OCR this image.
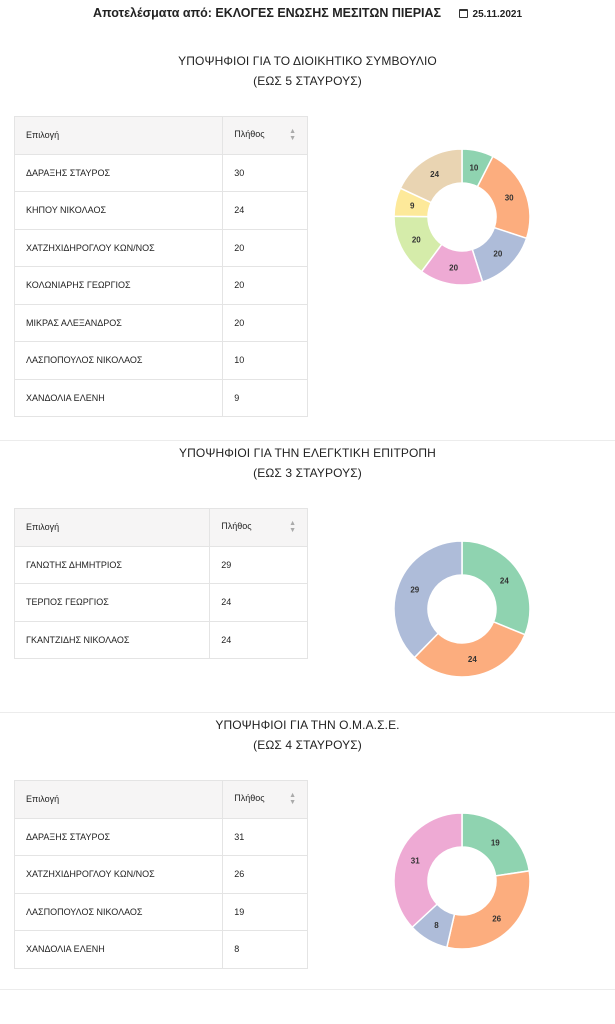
Αποτελέσματα από: ΕΚΛΟΓΕΣ ΕΝΩΣΗΣ ΜΕΣΙΤΩΝ ΠΙΕΡΙΑΣ	25.11.2021
ΥΠΟΨΗΦΙΟΙ ΓΙΑ ΤΟ ΔΙΟΙΚΗΤΙΚΟ ΣΥΜΒΟΥΛΙΟ
(ΕΩΣ 5 ΣΤΑΥΡΟΥΣ)
Επιλογή	Πλήθος ▲
▼

ΔΑΡΑΞΗΣ ΣΤΑΥΡΟΣ	30
ΚΗΠΟΥ ΝΙΚΟΛΑΟΣ	24
ΧΑΤΖΗΧΙΔΗΡΟΓΛΟΥ ΚΩΝ/ΝΟΣ	20
ΚΟΛΩΝΙΑΡΗΣ ΓΕΩΡΓΙΟΣ	20
ΜΙΚΡΑΣ ΑΛΕΞΑΝΔΡΟΣ	20
ΛΑΣΠΟΠΟΥΛΟΣ ΝΙΚΟΛΑΟΣ	10
ΧΑΝΔΟΛΙΑ ΕΛΕΝΗ	9
10
30
20
20
20
9
24
ΥΠΟΨΗΦΙΟΙ ΓΙΑ ΤΗΝ ΕΛΕΓΚΤΙΚΗ ΕΠΙΤΡΟΠΗ
(ΕΩΣ 3 ΣΤΑΥΡΟΥΣ)
Επιλογή	Πλήθος ▲
▼

ΓΑΝΩΤΗΣ ΔΗΜΗΤΡΙΟΣ	29
ΤΕΡΠΟΣ ΓΕΩΡΓΙΟΣ	24
ΓΚΑΝΤΖΙΔΗΣ ΝΙΚΟΛΑΟΣ	24
24
24
29
ΥΠΟΨΗΦΙΟΙ ΓΙΑ ΤΗΝ Ο.Μ.Α.Σ.Ε.
(ΕΩΣ 4 ΣΤΑΥΡΟΥΣ)
Επιλογή	Πλήθος ▲
▼

ΔΑΡΑΞΗΣ ΣΤΑΥΡΟΣ	31
ΧΑΤΖΗΧΙΔΗΡΟΓΛΟΥ ΚΩΝ/ΝΟΣ	26
ΛΑΣΠΟΠΟΥΛΟΣ ΝΙΚΟΛΑΟΣ	19
ΧΑΝΔΟΛΙΑ ΕΛΕΝΗ	8
19
26
8
31
